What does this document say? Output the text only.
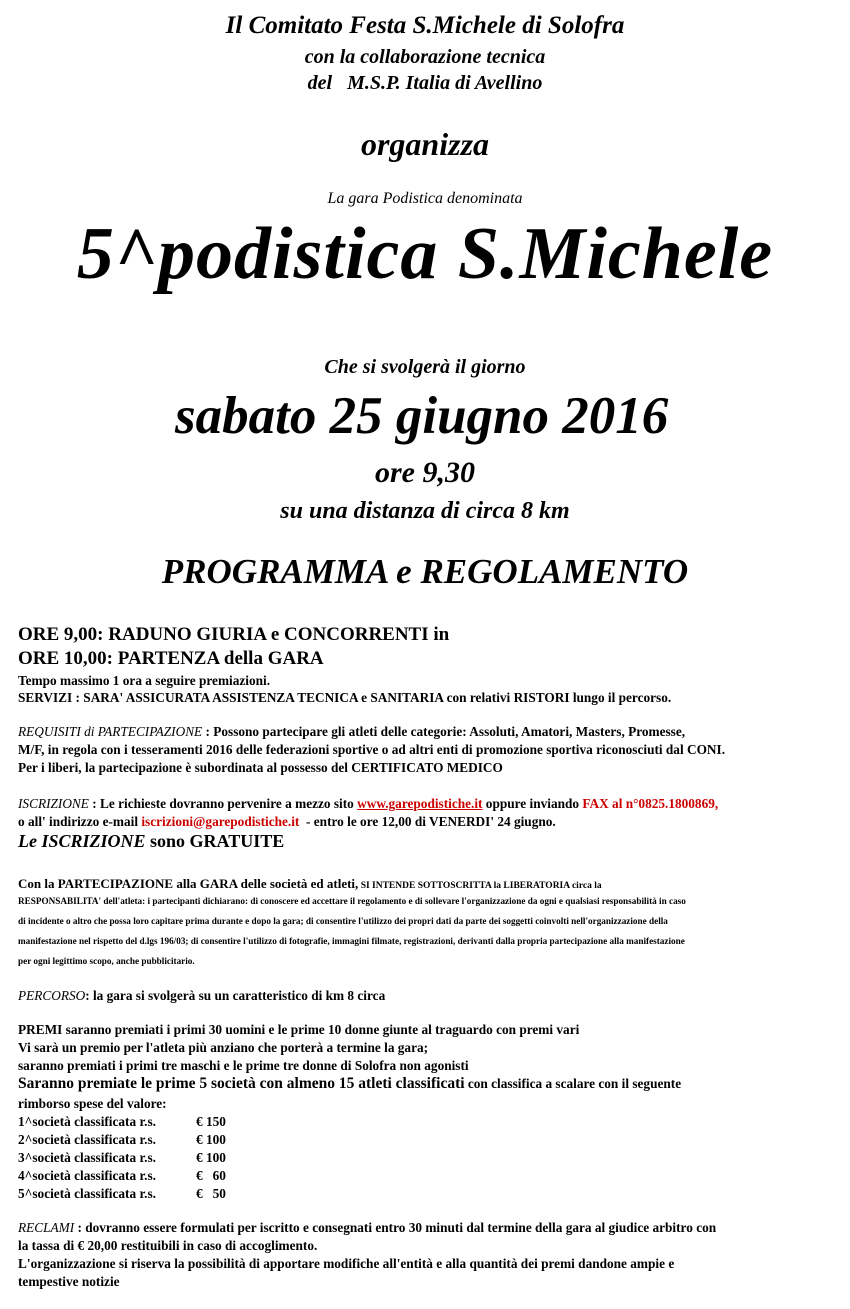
Il Comitato Festa S.Michele di Solofra
con la collaborazione tecnica
del   M.S.P. Italia di Avellino
organizza
La gara Podistica denominata
5^podistica S.Michele
Che si svolgerà il giorno
sabato 25 giugno 2016
ore 9,30
su una distanza di circa 8 km
PROGRAMMA e REGOLAMENTO
ORE 9,00: RADUNO GIURIA e CONCORRENTI in
ORE 10,00: PARTENZA della GARA
Tempo massimo 1 ora a seguire premiazioni.
SERVIZI : SARA' ASSICURATA ASSISTENZA TECNICA e SANITARIA con relativi RISTORI lungo il percorso.
REQUISITI di PARTECIPAZIONE : Possono partecipare gli atleti delle categorie: Assoluti, Amatori, Masters, Promesse,
M/F, in regola con i tesseramenti 2016 delle federazioni sportive o ad altri enti di promozione sportiva riconosciuti dal CONI.
Per i liberi, la partecipazione è subordinata al possesso del CERTIFICATO MEDICO
ISCRIZIONE : Le richieste dovranno pervenire a mezzo sito www.garepodistiche.it oppure inviando FAX al n°0825.1800869,
o all' indirizzo e-mail iscrizioni@garepodistiche.it  - entro le ore 12,00 di VENERDI' 24 giugno.
Le ISCRIZIONE sono GRATUITE
Con la PARTECIPAZIONE alla GARA delle società ed atleti, SI INTENDE SOTTOSCRITTA la LIBERATORIA circa la
RESPONSABILITA' dell'atleta: i partecipanti dichiarano: di conoscere ed accettare il regolamento e di sollevare l'organizzazione da ogni e qualsiasi responsabilità in caso
di incidente o altro che possa loro capitare prima durante e dopo la gara; di consentire l'utilizzo dei propri dati da parte dei soggetti coinvolti nell'organizzazione della
manifestazione nel rispetto del d.lgs 196/03; di consentire l'utilizzo di fotografie, immagini filmate, registrazioni, derivanti dalla propria partecipazione alla manifestazione
per ogni legittimo scopo, anche pubblicitario.
PERCORSO: la gara si svolgerà su un caratteristico di km 8 circa
PREMI saranno premiati i primi 30 uomini e le prime 10 donne giunte al traguardo con premi vari
Vi sarà un premio per l'atleta più anziano che porterà a termine la gara;
saranno premiati i primi tre maschi e le prime tre donne di Solofra non agonisti
Saranno premiate le prime 5 società con almeno 15 atleti classificati con classifica a scalare con il seguente
rimborso spese del valore:
1^società classificata r.s.	€ 150
2^società classificata r.s.	€ 100
3^società classificata r.s.	€ 100
4^società classificata r.s.	€   60
5^società classificata r.s.	€   50
RECLAMI : dovranno essere formulati per iscritto e consegnati entro 30 minuti dal termine della gara al giudice arbitro con
la tassa di € 20,00 restituibili in caso di accoglimento.
L'organizzazione si riserva la possibilità di apportare modifiche all'entità e alla quantità dei premi dandone ampie e
tempestive notizie
